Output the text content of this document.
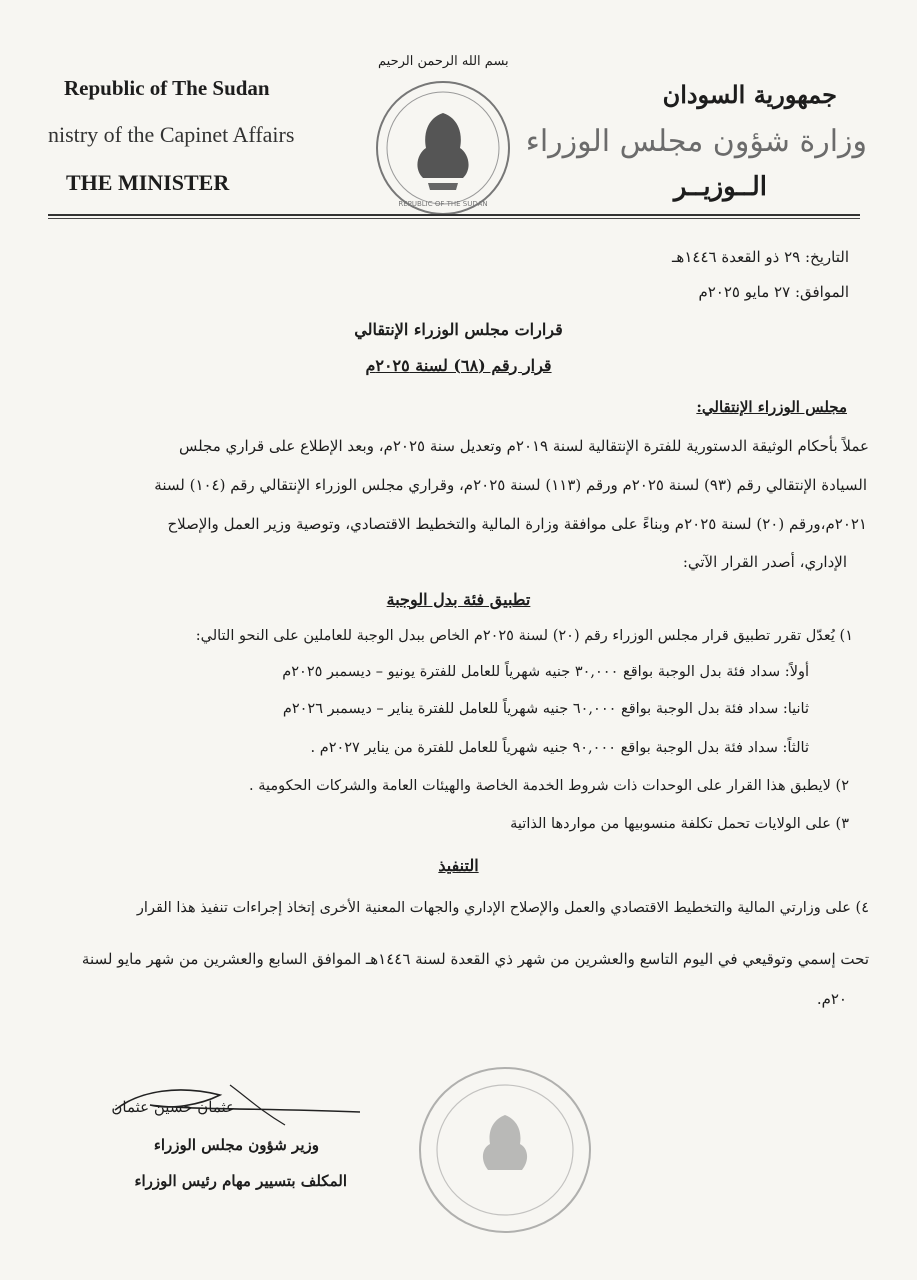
Republic of The Sudan
nistry of the Capinet Affairs
THE MINISTER
بسم الله الرحمن الرحيم
REPUBLIC OF THE SUDAN
جمهورية السودان
وزارة شؤون مجلس الوزراء
الــوزيــر
التاريخ: ٢٩ ذو القعدة ١٤٤٦هـ
الموافق: ٢٧ مايو ٢٠٢٥م
قرارات مجلس الوزراء الإنتقالي
قرار رقم (٦٨) لسنة ٢٠٢٥م
مجلس الوزراء الإنتقالي:
عملاً بأحكام الوثيقة الدستورية للفترة الإنتقالية لسنة ٢٠١٩م وتعديل سنة ٢٠٢٥م، وبعد الإطلاع على قراري مجلس
السيادة الإنتقالي رقم (٩٣) لسنة ٢٠٢٥م ورقم (١١٣) لسنة ٢٠٢٥م، وقراري مجلس الوزراء الإنتقالي رقم (١٠٤) لسنة
٢٠٢١م،ورقم (٢٠) لسنة ٢٠٢٥م وبناءً على موافقة وزارة المالية والتخطيط الاقتصادي، وتوصية وزير العمل والإصلاح
الإداري، أصدر القرار الآتي:
تطبيق فئة بدل الوجبة
١) يُعدّل تقرر تطبيق قرار مجلس الوزراء رقم (٢٠) لسنة ٢٠٢٥م الخاص ببدل الوجبة للعاملين على النحو التالي:
أولاً: سداد فئة بدل الوجبة بواقع ٣٠,٠٠٠ جنيه شهرياً للعامل للفترة يونيو – ديسمبر ٢٠٢٥م
ثانيا: سداد فئة بدل الوجبة بواقع ٦٠,٠٠٠ جنيه شهرياً للعامل للفترة يناير – ديسمبر ٢٠٢٦م
ثالثاً: سداد فئة بدل الوجبة بواقع ٩٠,٠٠٠ جنيه شهرياً للعامل للفترة من يناير ٢٠٢٧م .
٢) لايطبق هذا القرار على الوحدات ذات شروط الخدمة الخاصة والهيئات العامة والشركات الحكومية .
٣) على الولايات تحمل تكلفة منسوبيها من مواردها الذاتية
التنفيذ
٤) على وزارتي المالية والتخطيط الاقتصادي والعمل والإصلاح الإداري والجهات المعنية الأخرى إتخاذ إجراءات تنفيذ هذا القرار
تحت إسمي وتوقيعي في اليوم التاسع والعشرين من شهر ذي القعدة لسنة ١٤٤٦هـ الموافق السابع والعشرين من شهر مايو لسنة
٢٠م.
عثمان حسين عثمان
وزير شؤون مجلس الوزراء
المكلف بتسيير مهام رئيس الوزراء
